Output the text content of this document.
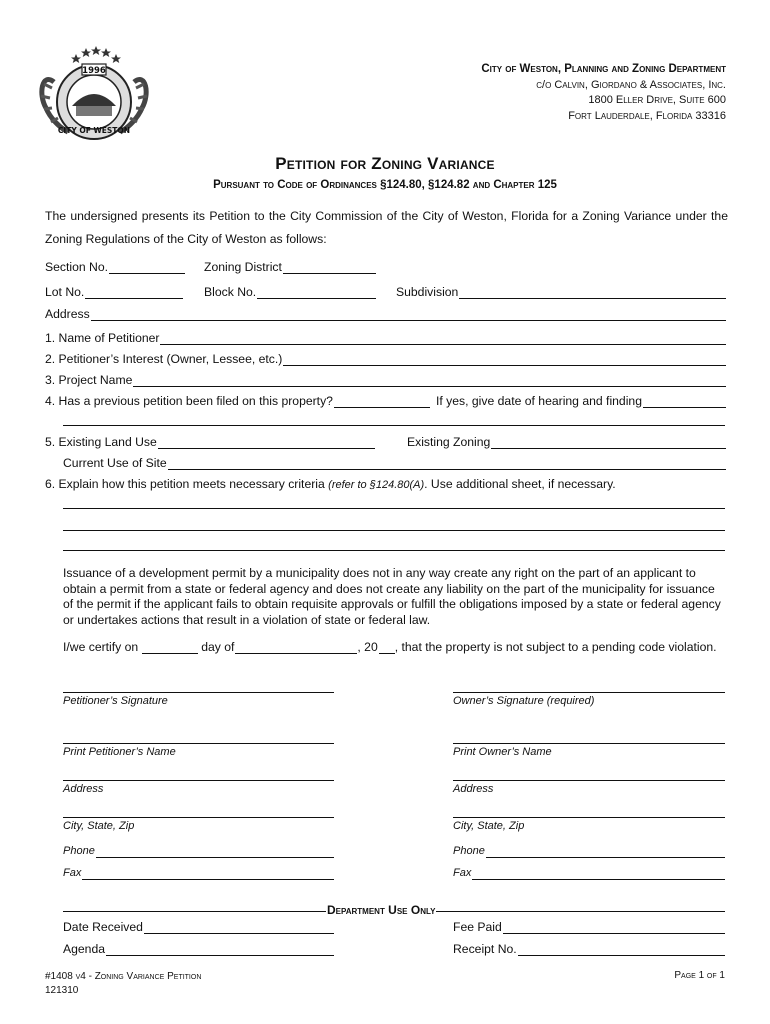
1996
CITY OF WESTON
City of Weston, Planning and Zoning Department
c/o Calvin, Giordano & Associates, Inc.
1800 Eller Drive, Suite 600
Fort Lauderdale, Florida 33316
Petition for Zoning Variance
Pursuant to Code of Ordinances §124.80, §124.82 and Chapter 125
The undersigned presents its Petition to the City Commission of the City of Weston, Florida for a Zoning Variance under the Zoning Regulations of the City of Weston as follows:
Section No.	Zoning District
Lot No.	Block No.	Subdivision
Address
1. Name of Petitioner
2. Petitioner’s Interest (Owner, Lessee, etc.)
3. Project Name
4. Has a previous petition been filed on this property?	If yes, give date of hearing and finding
5. Existing Land Use	Existing Zoning
Current Use of Site
6. Explain how this petition meets necessary criteria (refer to §124.80(A). Use additional sheet, if necessary.
Issuance of a development permit by a municipality does not in any way create any right on the part of an applicant to obtain a permit from a state or federal agency and does not create any liability on the part of the municipality for issuance of the permit if the applicant fails to obtain requisite approvals or fulfill the obligations imposed by a state or federal agency or undertakes actions that result in a violation of state or federal law.
I/we certify on	day of	, 20 , that the property is not subject to a pending code violation.
Petitioner’s Signature	Owner’s Signature (required)
Print Petitioner’s Name	Print Owner’s Name
Address	Address
City, State, Zip	City, State, Zip
Phone	Phone
Fax	Fax
Department Use Only
Date Received	Fee Paid
Agenda	Receipt No.
#1408 v4 - Zoning Variance Petition
121310
Page 1 of 1
